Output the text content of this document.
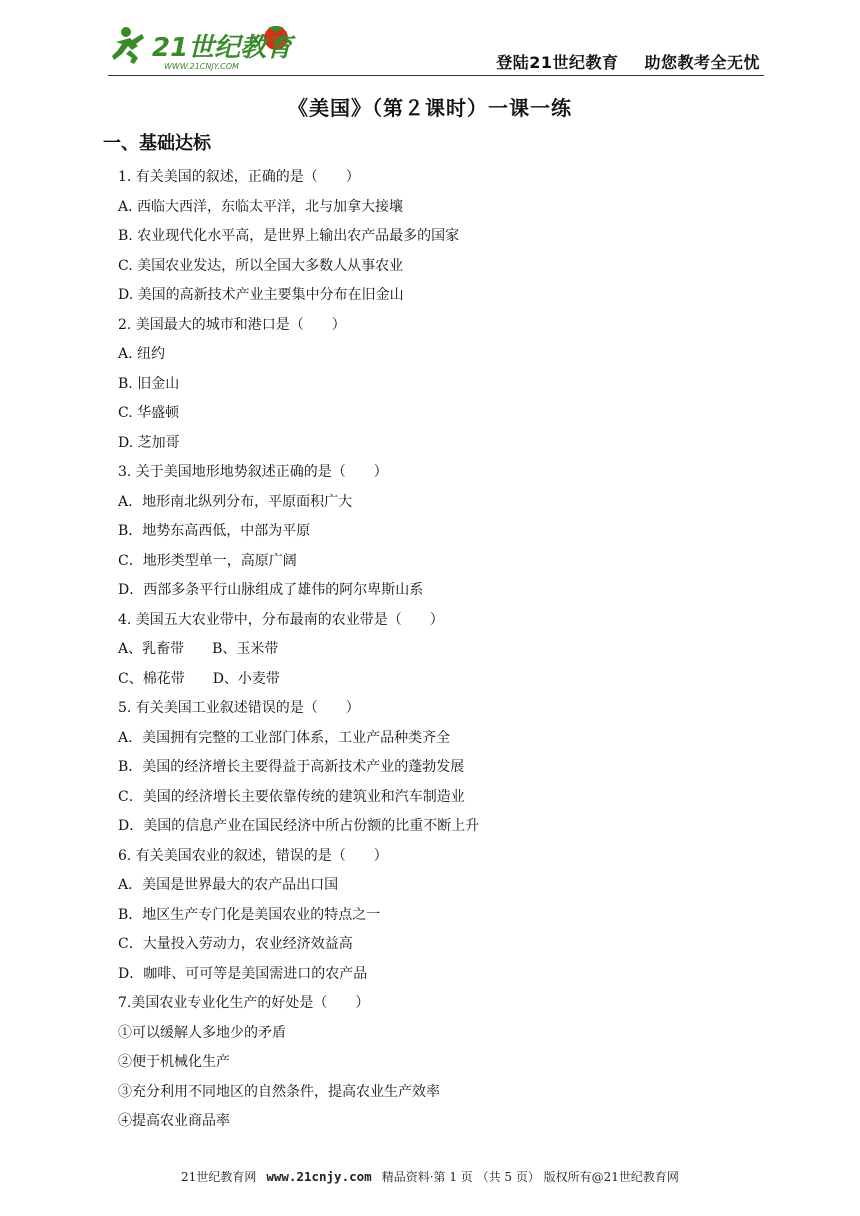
21世纪教育
WWW.21CNJY.COM	登陆21世纪教育 助您教考全无忧
《美国》（第２课时）一课一练
一、基础达标
1. 有关美国的叙述，正确的是（　　）
A. 西临大西洋，东临太平洋，北与加拿大接壤
B. 农业现代化水平高，是世界上输出农产品最多的国家
C. 美国农业发达，所以全国大多数人从事农业
D. 美国的高新技术产业主要集中分布在旧金山
2. 美国最大的城市和港口是（　　）
A. 纽约
B. 旧金山
C. 华盛顿
D. 芝加哥
3. 关于美国地形地势叙述正确的是（　　）
A．地形南北纵列分布，平原面积广大
B．地势东高西低，中部为平原
C．地形类型单一，高原广阔
D．西部多条平行山脉组成了雄伟的阿尔卑斯山系
4. 美国五大农业带中，分布最南的农业带是（　　）
A、乳畜带　　B、玉米带
C、棉花带　　D、小麦带
5. 有关美国工业叙述错误的是（　　）
A．美国拥有完整的工业部门体系，工业产品种类齐全
B．美国的经济增长主要得益于高新技术产业的蓬勃发展
C．美国的经济增长主要依靠传统的建筑业和汽车制造业
D．美国的信息产业在国民经济中所占份额的比重不断上升
6. 有关美国农业的叙述，错误的是（　　）
A．美国是世界最大的农产品出口国
B．地区生产专门化是美国农业的特点之一
C．大量投入劳动力，农业经济效益高
D．咖啡、可可等是美国需进口的农产品
7.美国农业专业化生产的好处是（　　）
①可以缓解人多地少的矛盾
②便于机械化生产
③充分利用不同地区的自然条件，提高农业生产效率
④提高农业商品率
21世纪教育网 www.21cnjy.com 精品资料·第 1 页 （共 5 页） 版权所有@21世纪教育网
